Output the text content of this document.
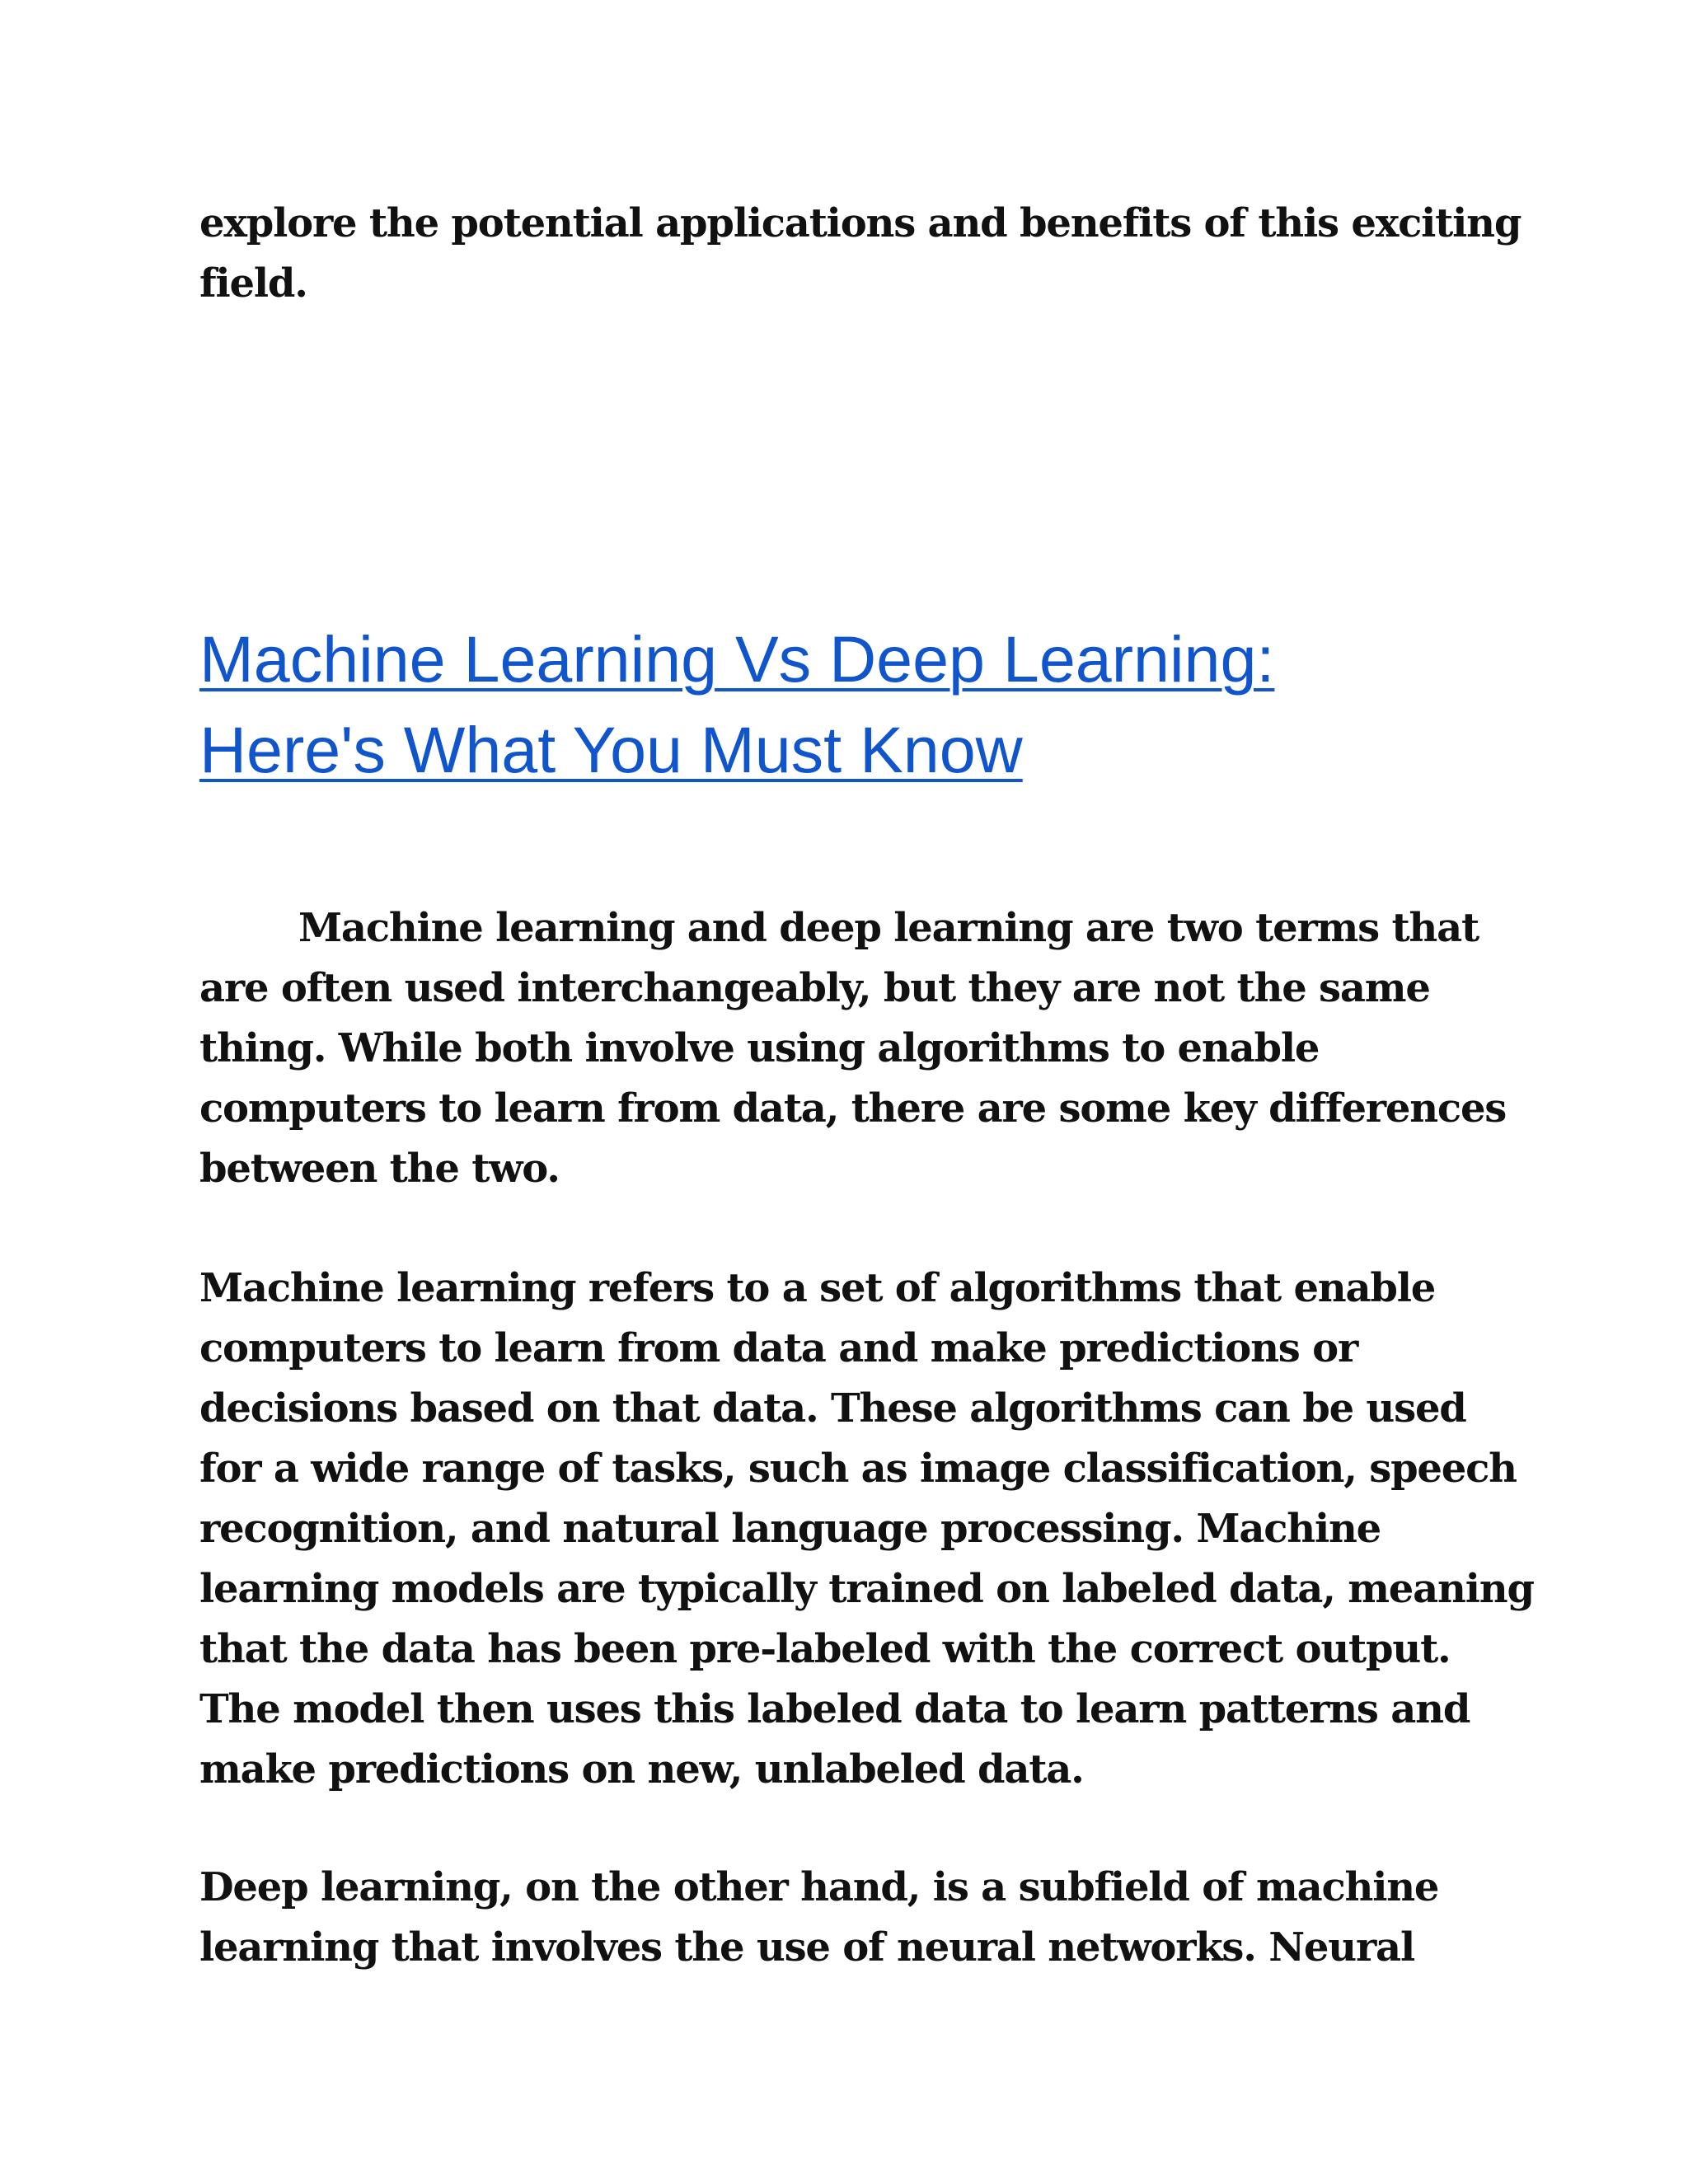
explore the potential applications and benefits of this exciting field.

Machine Learning Vs Deep Learning:
Here's What You Must Know

Machine learning and deep learning are two terms that are often used interchangeably, but they are not the same thing. While both involve using algorithms to enable computers to learn from data, there are some key differences between the two.

Machine learning refers to a set of algorithms that enable computers to learn from data and make predictions or decisions based on that data. These algorithms can be used for a wide range of tasks, such as image classification, speech recognition, and natural language processing. Machine learning models are typically trained on labeled data, meaning that the data has been pre-labeled with the correct output. The model then uses this labeled data to learn patterns and make predictions on new, unlabeled data.

Deep learning, on the other hand, is a subfield of machine learning that involves the use of neural networks. Neural
